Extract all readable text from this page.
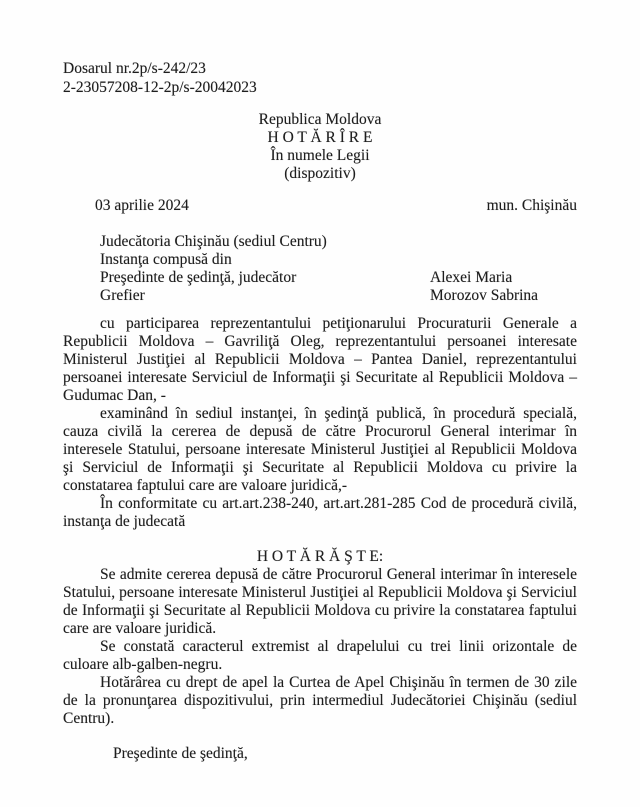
Dosarul nr.2p/s-242/23
2-23057208-12-2p/s-20042023
Republica Moldova
H O T Ă R Î R E
În numele Legii
(dispozitiv)
03 aprilie 2024	mun. Chişinău
Judecătoria Chişinău (sediul Centru)
Instanţa compusă din
Preşedinte de şedinţă, judecător	Alexei Maria
Grefier	Morozov Sabrina

cu participarea reprezentantului petiţionarului Procuraturii Generale a Republicii Moldova – Gavriliţă Oleg, reprezentantului persoanei interesate Ministerul Justiţiei al Republicii Moldova – Pantea Daniel, reprezentantului persoanei interesate Serviciul de Informaţii şi Securitate al Republicii Moldova – Gudumac Dan, -

examinând în sediul instanţei, în şedinţă publică, în procedură specială, cauza civilă la cererea de depusă de către Procurorul General interimar în interesele Statului, persoane interesate Ministerul Justiţiei al Republicii Moldova şi Serviciul de Informaţii şi Securitate al Republicii Moldova cu privire la constatarea faptului care are valoare juridică,-

În conformitate cu art.art.238-240, art.art.281-285 Cod de procedură civilă, instanţa de judecată

H O T Ă R Ă Ş T E:

Se admite cererea depusă de către Procurorul General interimar în interesele Statului, persoane interesate Ministerul Justiţiei al Republicii Moldova şi Serviciul de Informaţii şi Securitate al Republicii Moldova cu privire la constatarea faptului care are valoare juridică.

Se constată caracterul extremist al drapelului cu trei linii orizontale de culoare alb-galben-negru.

Hotărârea cu drept de apel la Curtea de Apel Chişinău în termen de 30 zile de la pronunţarea dispozitivului, prin intermediul Judecătoriei Chişinău (sediul Centru).

Preşedinte de şedinţă,
